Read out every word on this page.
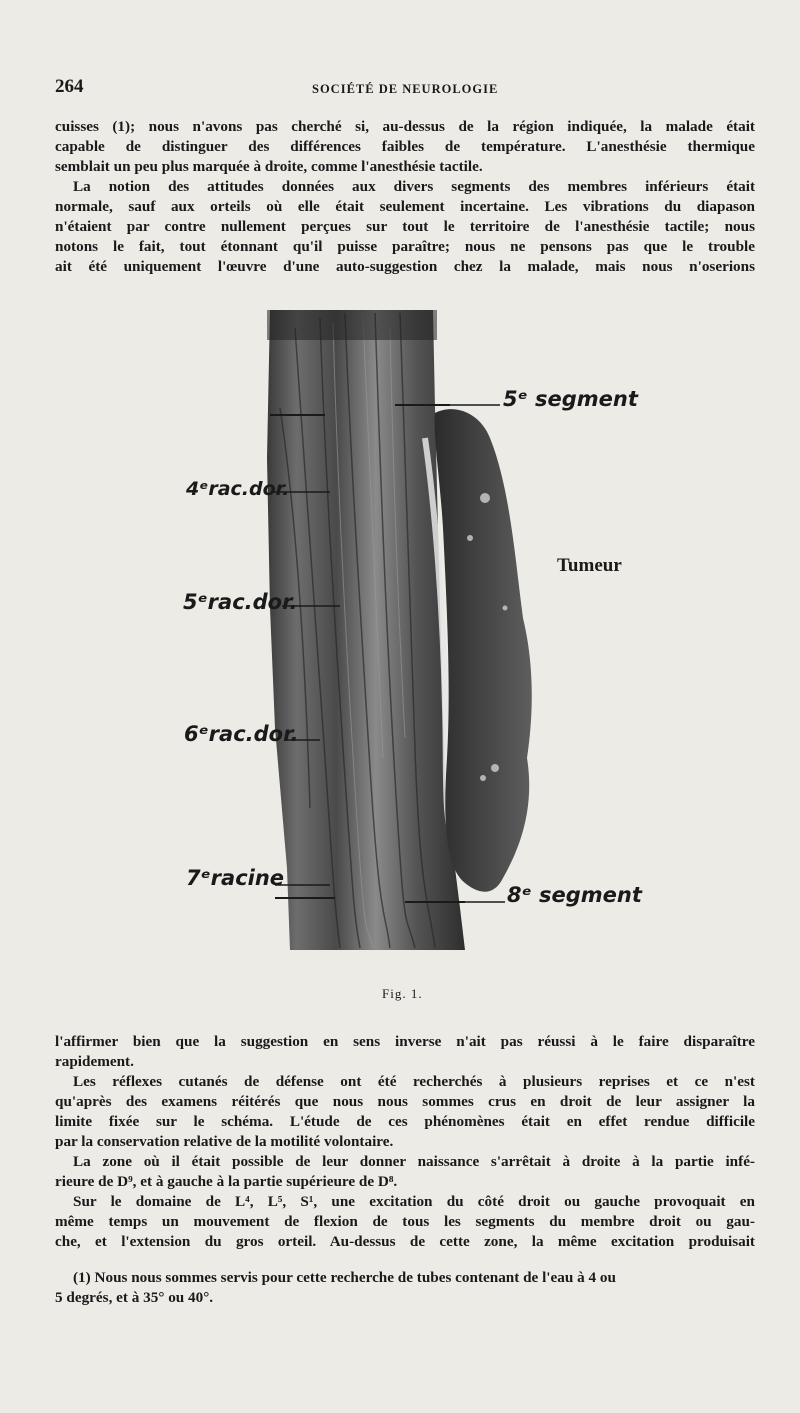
264	SOCIÉTÉ DE NEUROLOGIE

cuisses (1); nous n'avons pas cherché si, au-dessus de la région indiquée, la malade était
capable de distinguer des différences faibles de température. L'anesthésie thermique
semblait un peu plus marquée à droite, comme l'anesthésie tactile.

La notion des attitudes données aux divers segments des membres inférieurs était
normale, sauf aux orteils où elle était seulement incertaine. Les vibrations du diapason
n'étaient par contre nullement perçues sur tout le territoire de l'anesthésie tactile; nous
notons le fait, tout étonnant qu'il puisse paraître; nous ne pensons pas que le trouble
ait été uniquement l'œuvre d'une auto-suggestion chez la malade, mais nous n'oserions

5ᵉ segment
4ᵉrac.dor.
5ᵉrac.dor.
6ᵉrac.dor.
7ᵉracine
8ᵉ segment
Tumeur
Fig. 1.

l'affirmer bien que la suggestion en sens inverse n'ait pas réussi à le faire disparaître
rapidement.

Les réflexes cutanés de défense ont été recherchés à plusieurs reprises et ce n'est
qu'après des examens réitérés que nous nous sommes crus en droit de leur assigner la
limite fixée sur le schéma. L'étude de ces phénomènes était en effet rendue difficile
par la conservation relative de la motilité volontaire.

La zone où il était possible de leur donner naissance s'arrêtait à droite à la partie infé-
rieure de D⁹, et à gauche à la partie supérieure de D⁸.

Sur le domaine de L⁴, L⁵, S¹, une excitation du côté droit ou gauche provoquait en
même temps un mouvement de flexion de tous les segments du membre droit ou gau-
che, et l'extension du gros orteil. Au-dessus de cette zone, la même excitation produisait

(1) Nous nous sommes servis pour cette recherche de tubes contenant de l'eau à 4 ou
5 degrés, et à 35° ou 40°.
